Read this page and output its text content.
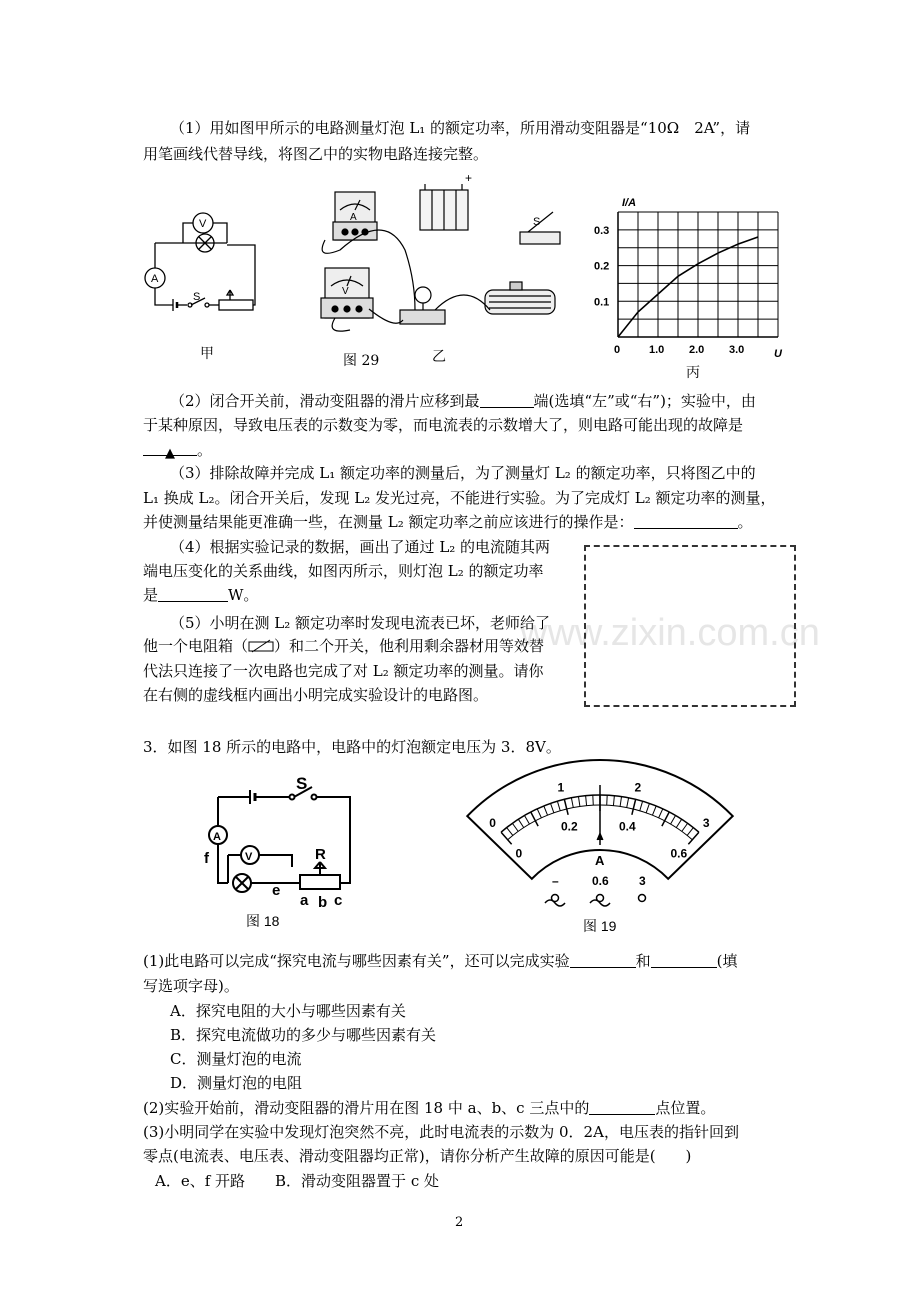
www.zixin.com.cn
（1）用如图甲所示的电路测量灯泡 L₁ 的额定功率，所用滑动变阻器是“10Ω　2A”，请
用笔画线代替导线，将图乙中的实物电路连接完整。
V
A
S
甲
A
V
+
S
图 29	乙	0	1.0 2.0 3.0
0.1
0.2
0.3
I/A
U
丙
（2）闭合开关前，滑动变阻器的滑片应移到最	端(选填“左”或“右”)；实验中，由
于某种原因，导致电压表的示数变为零，而电流表的示数增大了，则电路可能出现的故障是
▲ 。
（3）排除故障并完成 L₁ 额定功率的测量后，为了测量灯 L₂ 的额定功率，只将图乙中的
L₁ 换成 L₂。闭合开关后，发现 L₂ 发光过亮，不能进行实验。为了完成灯 L₂ 额定功率的测量，
并使测量结果能更准确一些，在测量 L₂ 额定功率之前应该进行的操作是：	。
（4）根据实验记录的数据，画出了通过 L₂ 的电流随其两
端电压变化的关系曲线，如图丙所示，则灯泡 L₂ 的额定功率
是	W。
（5）小明在测 L₂ 额定功率时发现电流表已坏，老师给了
他一个电阻箱（ ）和二个开关，他利用剩余器材用等效替
代法只连接了一次电路也完成了对 L₂ 额定功率的测量。请你
在右侧的虚线框内画出小明完成实验设计的电路图。
3．如图 18 所示的电路中，电路中的灯泡额定电压为 3．8V。
S
A
V	R
f
e
a b c
图 18
0
1	2
3
0
0.2	0.4
0.6
A
–	0.6	3
图 19
(1)此电路可以完成“探究电流与哪些因素有关”，还可以完成实验	和	(填
写选项字母)。
A．探究电阻的大小与哪些因素有关
B．探究电流做功的多少与哪些因素有关
C．测量灯泡的电流
D．测量灯泡的电阻
(2)实验开始前，滑动变阻器的滑片用在图 18 中 a、b、c 三点中的	点位置。
(3)小明同学在实验中发现灯泡突然不亮，此时电流表的示数为 0．2A，电压表的指针回到
零点(电流表、电压表、滑动变阻器均正常)，请你分析产生故障的原因可能是(　　)
A．e、f 开路　　B．滑动变阻器置于 c 处
2
